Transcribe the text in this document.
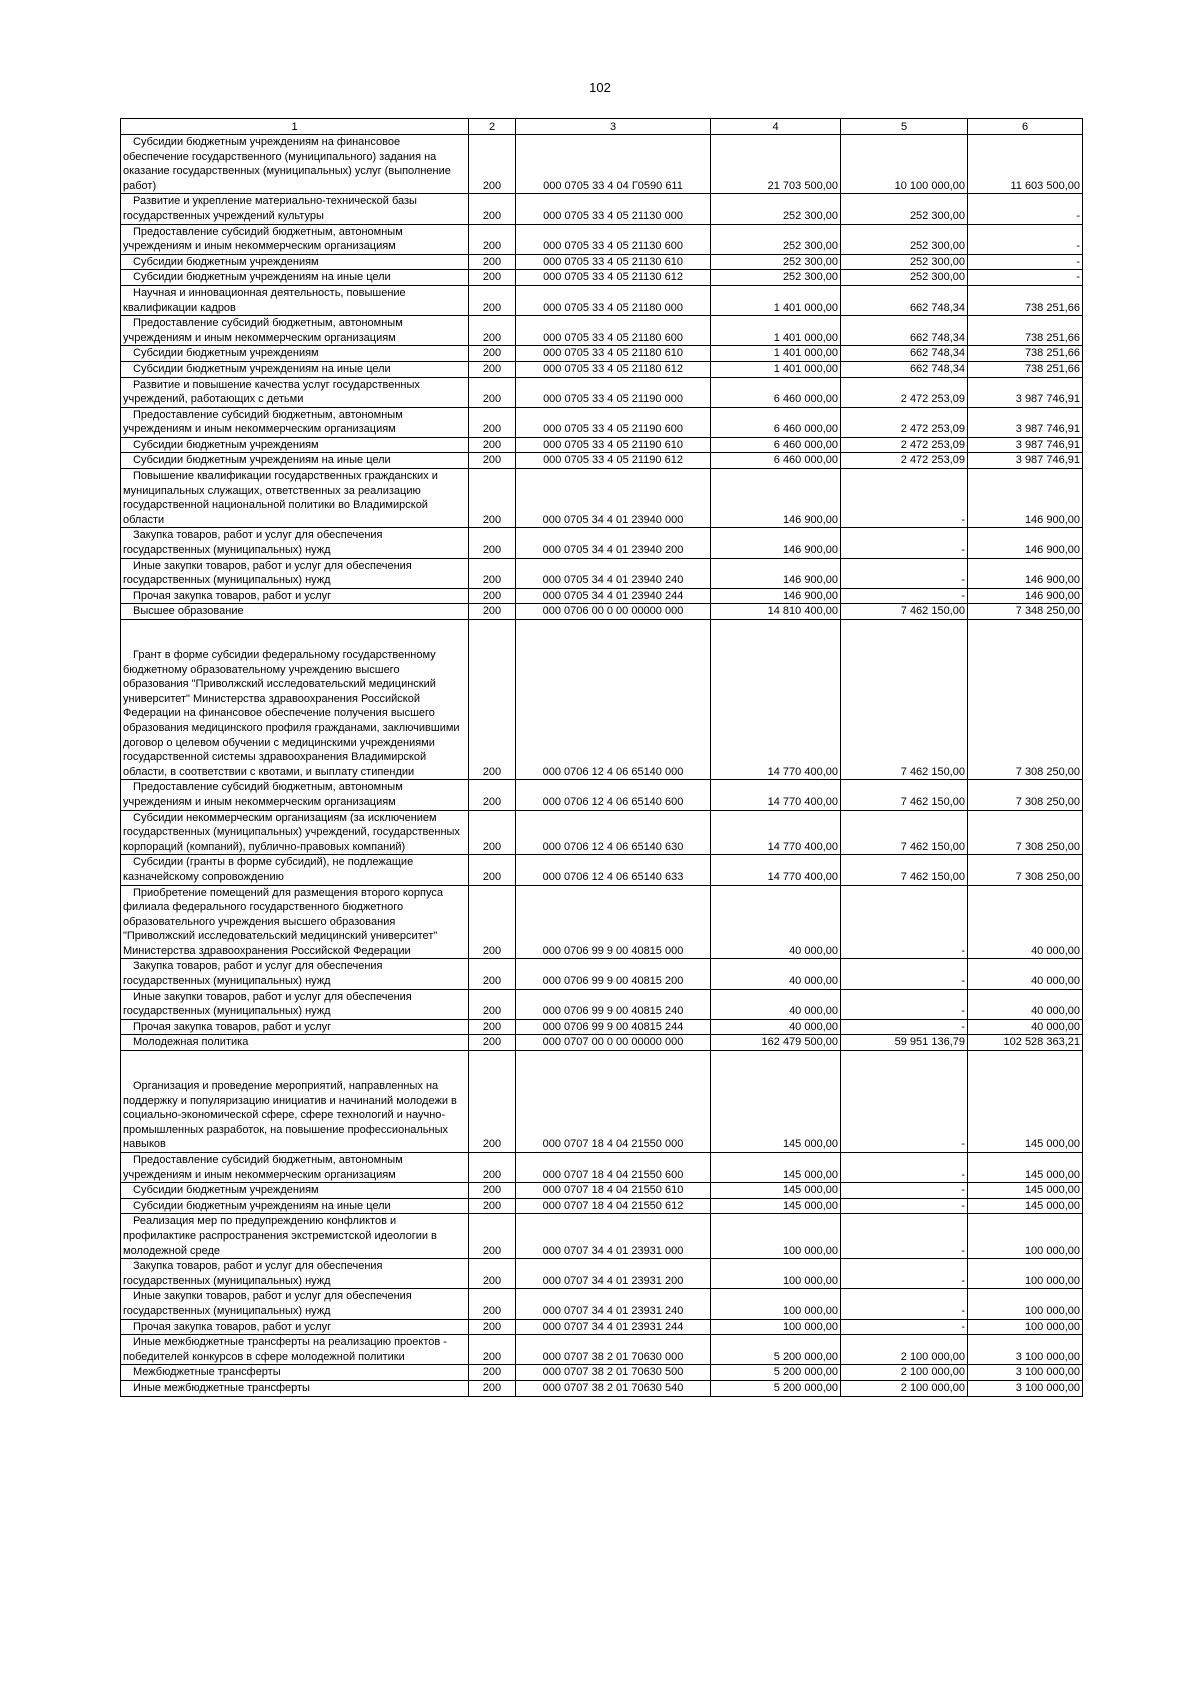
102
1	2	3	4	5	6
Субсидии бюджетным учреждениям на финансовое обеспечение государственного (муниципального) задания на оказание государственных (муниципальных) услуг (выполнение работ)	200	000 0705 33 4 04 Г0590 611	21 703 500,00	10 100 000,00	11 603 500,00
Развитие и укрепление материально-технической базы государственных учреждений культуры	200	000 0705 33 4 05 21130 000	252 300,00	252 300,00	-
Предоставление субсидий бюджетным, автономным учреждениям и иным некоммерческим организациям	200	000 0705 33 4 05 21130 600	252 300,00	252 300,00	-
Субсидии бюджетным учреждениям	200	000 0705 33 4 05 21130 610	252 300,00	252 300,00	-
Субсидии бюджетным учреждениям на иные цели	200	000 0705 33 4 05 21130 612	252 300,00	252 300,00	-
Научная и инновационная деятельность, повышение квалификации кадров	200	000 0705 33 4 05 21180 000	1 401 000,00	662 748,34	738 251,66
Предоставление субсидий бюджетным, автономным учреждениям и иным некоммерческим организациям	200	000 0705 33 4 05 21180 600	1 401 000,00	662 748,34	738 251,66
Субсидии бюджетным учреждениям	200	000 0705 33 4 05 21180 610	1 401 000,00	662 748,34	738 251,66
Субсидии бюджетным учреждениям на иные цели	200	000 0705 33 4 05 21180 612	1 401 000,00	662 748,34	738 251,66
Развитие и повышение качества услуг государственных учреждений, работающих с детьми	200	000 0705 33 4 05 21190 000	6 460 000,00	2 472 253,09	3 987 746,91
Предоставление субсидий бюджетным, автономным учреждениям и иным некоммерческим организациям	200	000 0705 33 4 05 21190 600	6 460 000,00	2 472 253,09	3 987 746,91
Субсидии бюджетным учреждениям	200	000 0705 33 4 05 21190 610	6 460 000,00	2 472 253,09	3 987 746,91
Субсидии бюджетным учреждениям на иные цели	200	000 0705 33 4 05 21190 612	6 460 000,00	2 472 253,09	3 987 746,91
Повышение квалификации государственных гражданских и муниципальных служащих, ответственных за реализацию государственной национальной политики во Владимирской области	200	000 0705 34 4 01 23940 000	146 900,00	-	146 900,00
Закупка товаров, работ и услуг для обеспечения государственных (муниципальных) нужд	200	000 0705 34 4 01 23940 200	146 900,00	-	146 900,00
Иные закупки товаров, работ и услуг для обеспечения государственных (муниципальных) нужд	200	000 0705 34 4 01 23940 240	146 900,00	-	146 900,00
Прочая закупка товаров, работ и услуг	200	000 0705 34 4 01 23940 244	146 900,00	-	146 900,00
Высшее образование	200	000 0706 00 0 00 00000 000	14 810 400,00	7 462 150,00	7 348 250,00
Грант в форме субсидии федеральному государственному бюджетному образовательному учреждению высшего образования "Приволжский исследовательский медицинский университет" Министерства здравоохранения Российской Федерации на финансовое обеспечение получения высшего образования медицинского профиля гражданами, заключившими договор о целевом обучении с медицинскими учреждениями государственной системы здравоохранения Владимирской области, в соответствии с квотами, и выплату стипендии	200	000 0706 12 4 06 65140 000	14 770 400,00	7 462 150,00	7 308 250,00
Предоставление субсидий бюджетным, автономным учреждениям и иным некоммерческим организациям	200	000 0706 12 4 06 65140 600	14 770 400,00	7 462 150,00	7 308 250,00
Субсидии некоммерческим организациям (за исключением государственных (муниципальных) учреждений, государственных корпораций (компаний), публично-правовых компаний)	200	000 0706 12 4 06 65140 630	14 770 400,00	7 462 150,00	7 308 250,00
Субсидии (гранты в форме субсидий), не подлежащие казначейскому сопровождению	200	000 0706 12 4 06 65140 633	14 770 400,00	7 462 150,00	7 308 250,00
Приобретение помещений для размещения второго корпуса филиала федерального государственного бюджетного образовательного учреждения высшего образования "Приволжский исследовательский медицинский университет" Министерства здравоохранения Российской Федерации	200	000 0706 99 9 00 40815 000	40 000,00	-	40 000,00
Закупка товаров, работ и услуг для обеспечения государственных (муниципальных) нужд	200	000 0706 99 9 00 40815 200	40 000,00	-	40 000,00
Иные закупки товаров, работ и услуг для обеспечения государственных (муниципальных) нужд	200	000 0706 99 9 00 40815 240	40 000,00	-	40 000,00
Прочая закупка товаров, работ и услуг	200	000 0706 99 9 00 40815 244	40 000,00	-	40 000,00
Молодежная политика	200	000 0707 00 0 00 00000 000	162 479 500,00	59 951 136,79	102 528 363,21
Организация и проведение мероприятий, направленных на поддержку и популяризацию инициатив и начинаний молодежи в социально-экономической сфере, сфере технологий и научно-промышленных разработок, на повышение профессиональных навыков	200	000 0707 18 4 04 21550 000	145 000,00	-	145 000,00
Предоставление субсидий бюджетным, автономным учреждениям и иным некоммерческим организациям	200	000 0707 18 4 04 21550 600	145 000,00	-	145 000,00
Субсидии бюджетным учреждениям	200	000 0707 18 4 04 21550 610	145 000,00	-	145 000,00
Субсидии бюджетным учреждениям на иные цели	200	000 0707 18 4 04 21550 612	145 000,00	-	145 000,00
Реализация мер по предупреждению конфликтов и профилактике распространения экстремистской идеологии в молодежной среде	200	000 0707 34 4 01 23931 000	100 000,00	-	100 000,00
Закупка товаров, работ и услуг для обеспечения государственных (муниципальных) нужд	200	000 0707 34 4 01 23931 200	100 000,00	-	100 000,00
Иные закупки товаров, работ и услуг для обеспечения государственных (муниципальных) нужд	200	000 0707 34 4 01 23931 240	100 000,00	-	100 000,00
Прочая закупка товаров, работ и услуг	200	000 0707 34 4 01 23931 244	100 000,00	-	100 000,00
Иные межбюджетные трансферты на реализацию проектов - победителей конкурсов в сфере молодежной политики	200	000 0707 38 2 01 70630 000	5 200 000,00	2 100 000,00	3 100 000,00
Межбюджетные трансферты	200	000 0707 38 2 01 70630 500	5 200 000,00	2 100 000,00	3 100 000,00
Иные межбюджетные трансферты	200	000 0707 38 2 01 70630 540	5 200 000,00	2 100 000,00	3 100 000,00
